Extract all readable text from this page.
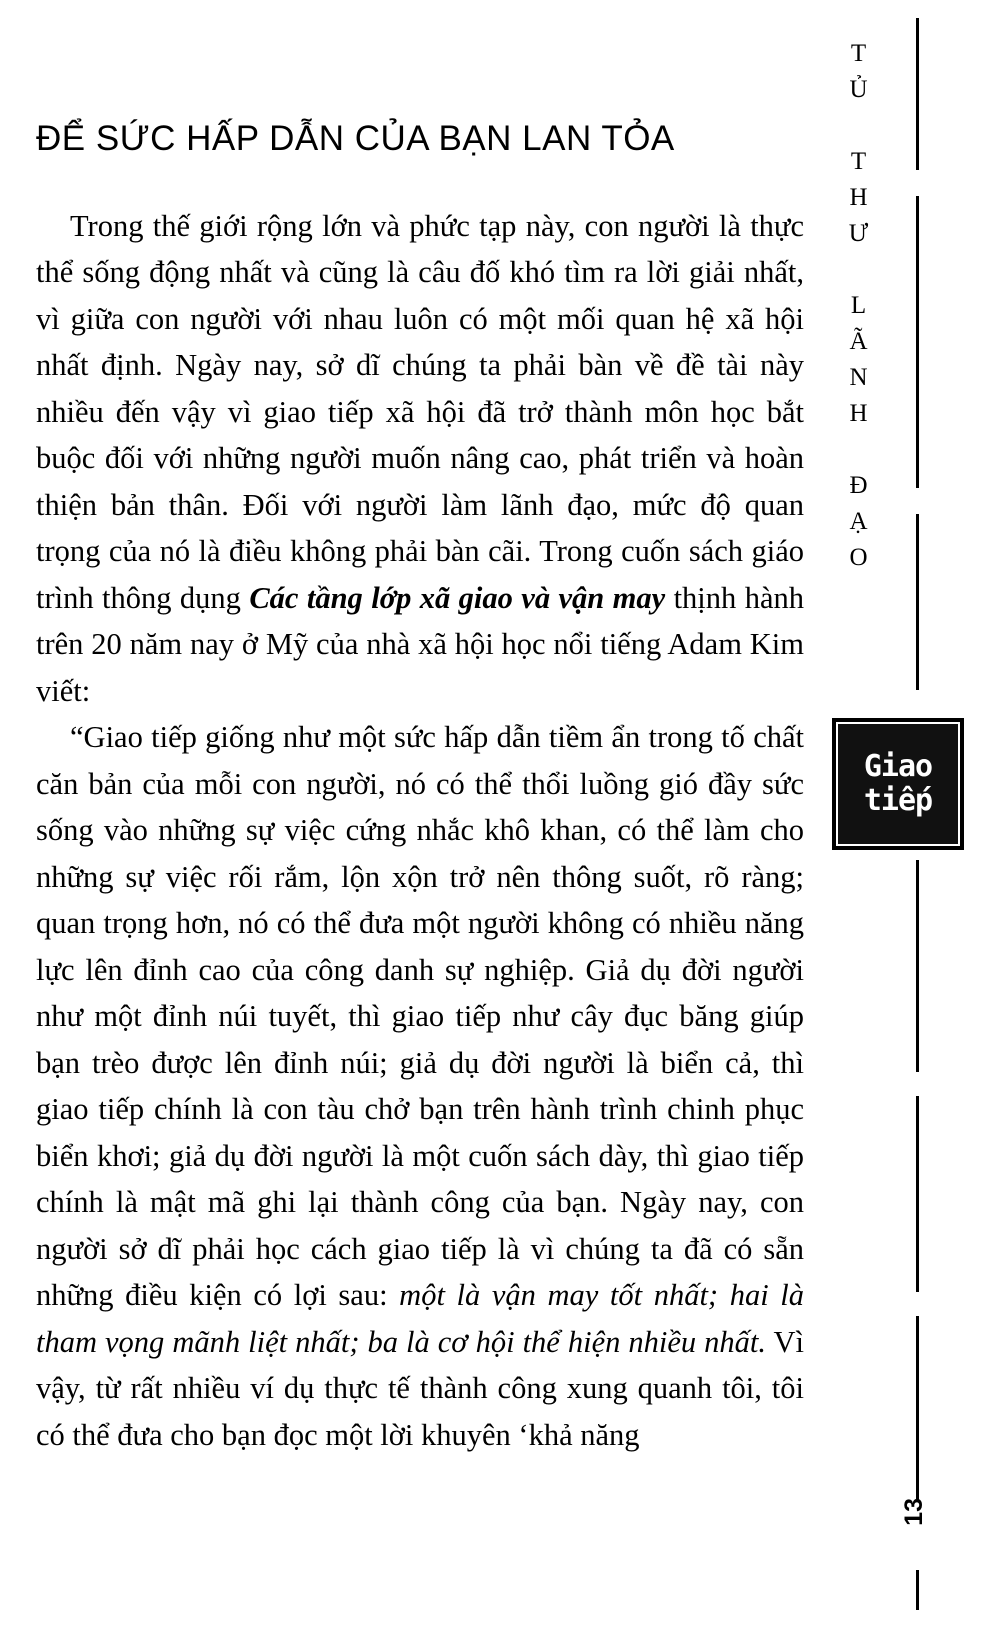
ĐỂ SỨC HẤP DẪN CỦA BẠN LAN TỎA

Trong thế giới rộng lớn và phức tạp này, con người là thực thể sống động nhất và cũng là câu đố khó tìm ra lời giải nhất, vì giữa con người với nhau luôn có một mối quan hệ xã hội nhất định. Ngày nay, sở dĩ chúng ta phải bàn về đề tài này nhiều đến vậy vì giao tiếp xã hội đã trở thành môn học bắt buộc đối với những người muốn nâng cao, phát triển và hoàn thiện bản thân. Đối với người làm lãnh đạo, mức độ quan trọng của nó là điều không phải bàn cãi. Trong cuốn sách giáo trình thông dụng Các tầng lớp xã giao và vận may thịnh hành trên 20 năm nay ở Mỹ của nhà xã hội học nổi tiếng Adam Kim viết:

“Giao tiếp giống như một sức hấp dẫn tiềm ẩn trong tố chất căn bản của mỗi con người, nó có thể thổi luồng gió đầy sức sống vào những sự việc cứng nhắc khô khan, có thể làm cho những sự việc rối rắm, lộn xộn trở nên thông suốt, rõ ràng; quan trọng hơn, nó có thể đưa một người không có nhiều năng lực lên đỉnh cao của công danh sự nghiệp. Giả dụ đời người như một đỉnh núi tuyết, thì giao tiếp như cây đục băng giúp bạn trèo được lên đỉnh núi; giả dụ đời người là biển cả, thì giao tiếp chính là con tàu chở bạn trên hành trình chinh phục biển khơi; giả dụ đời người là một cuốn sách dày, thì giao tiếp chính là mật mã ghi lại thành công của bạn. Ngày nay, con người sở dĩ phải học cách giao tiếp là vì chúng ta đã có sẵn những điều kiện có lợi sau: một là vận may tốt nhất; hai là tham vọng mãnh liệt nhất; ba là cơ hội thể hiện nhiều nhất. Vì vậy, từ rất nhiều ví dụ thực tế thành công xung quanh tôi, tôi có thể đưa cho bạn đọc một lời khuyên ‘khả năng

TỦ THƯ LÃNH ĐẠO
Giao
tiếp
13
